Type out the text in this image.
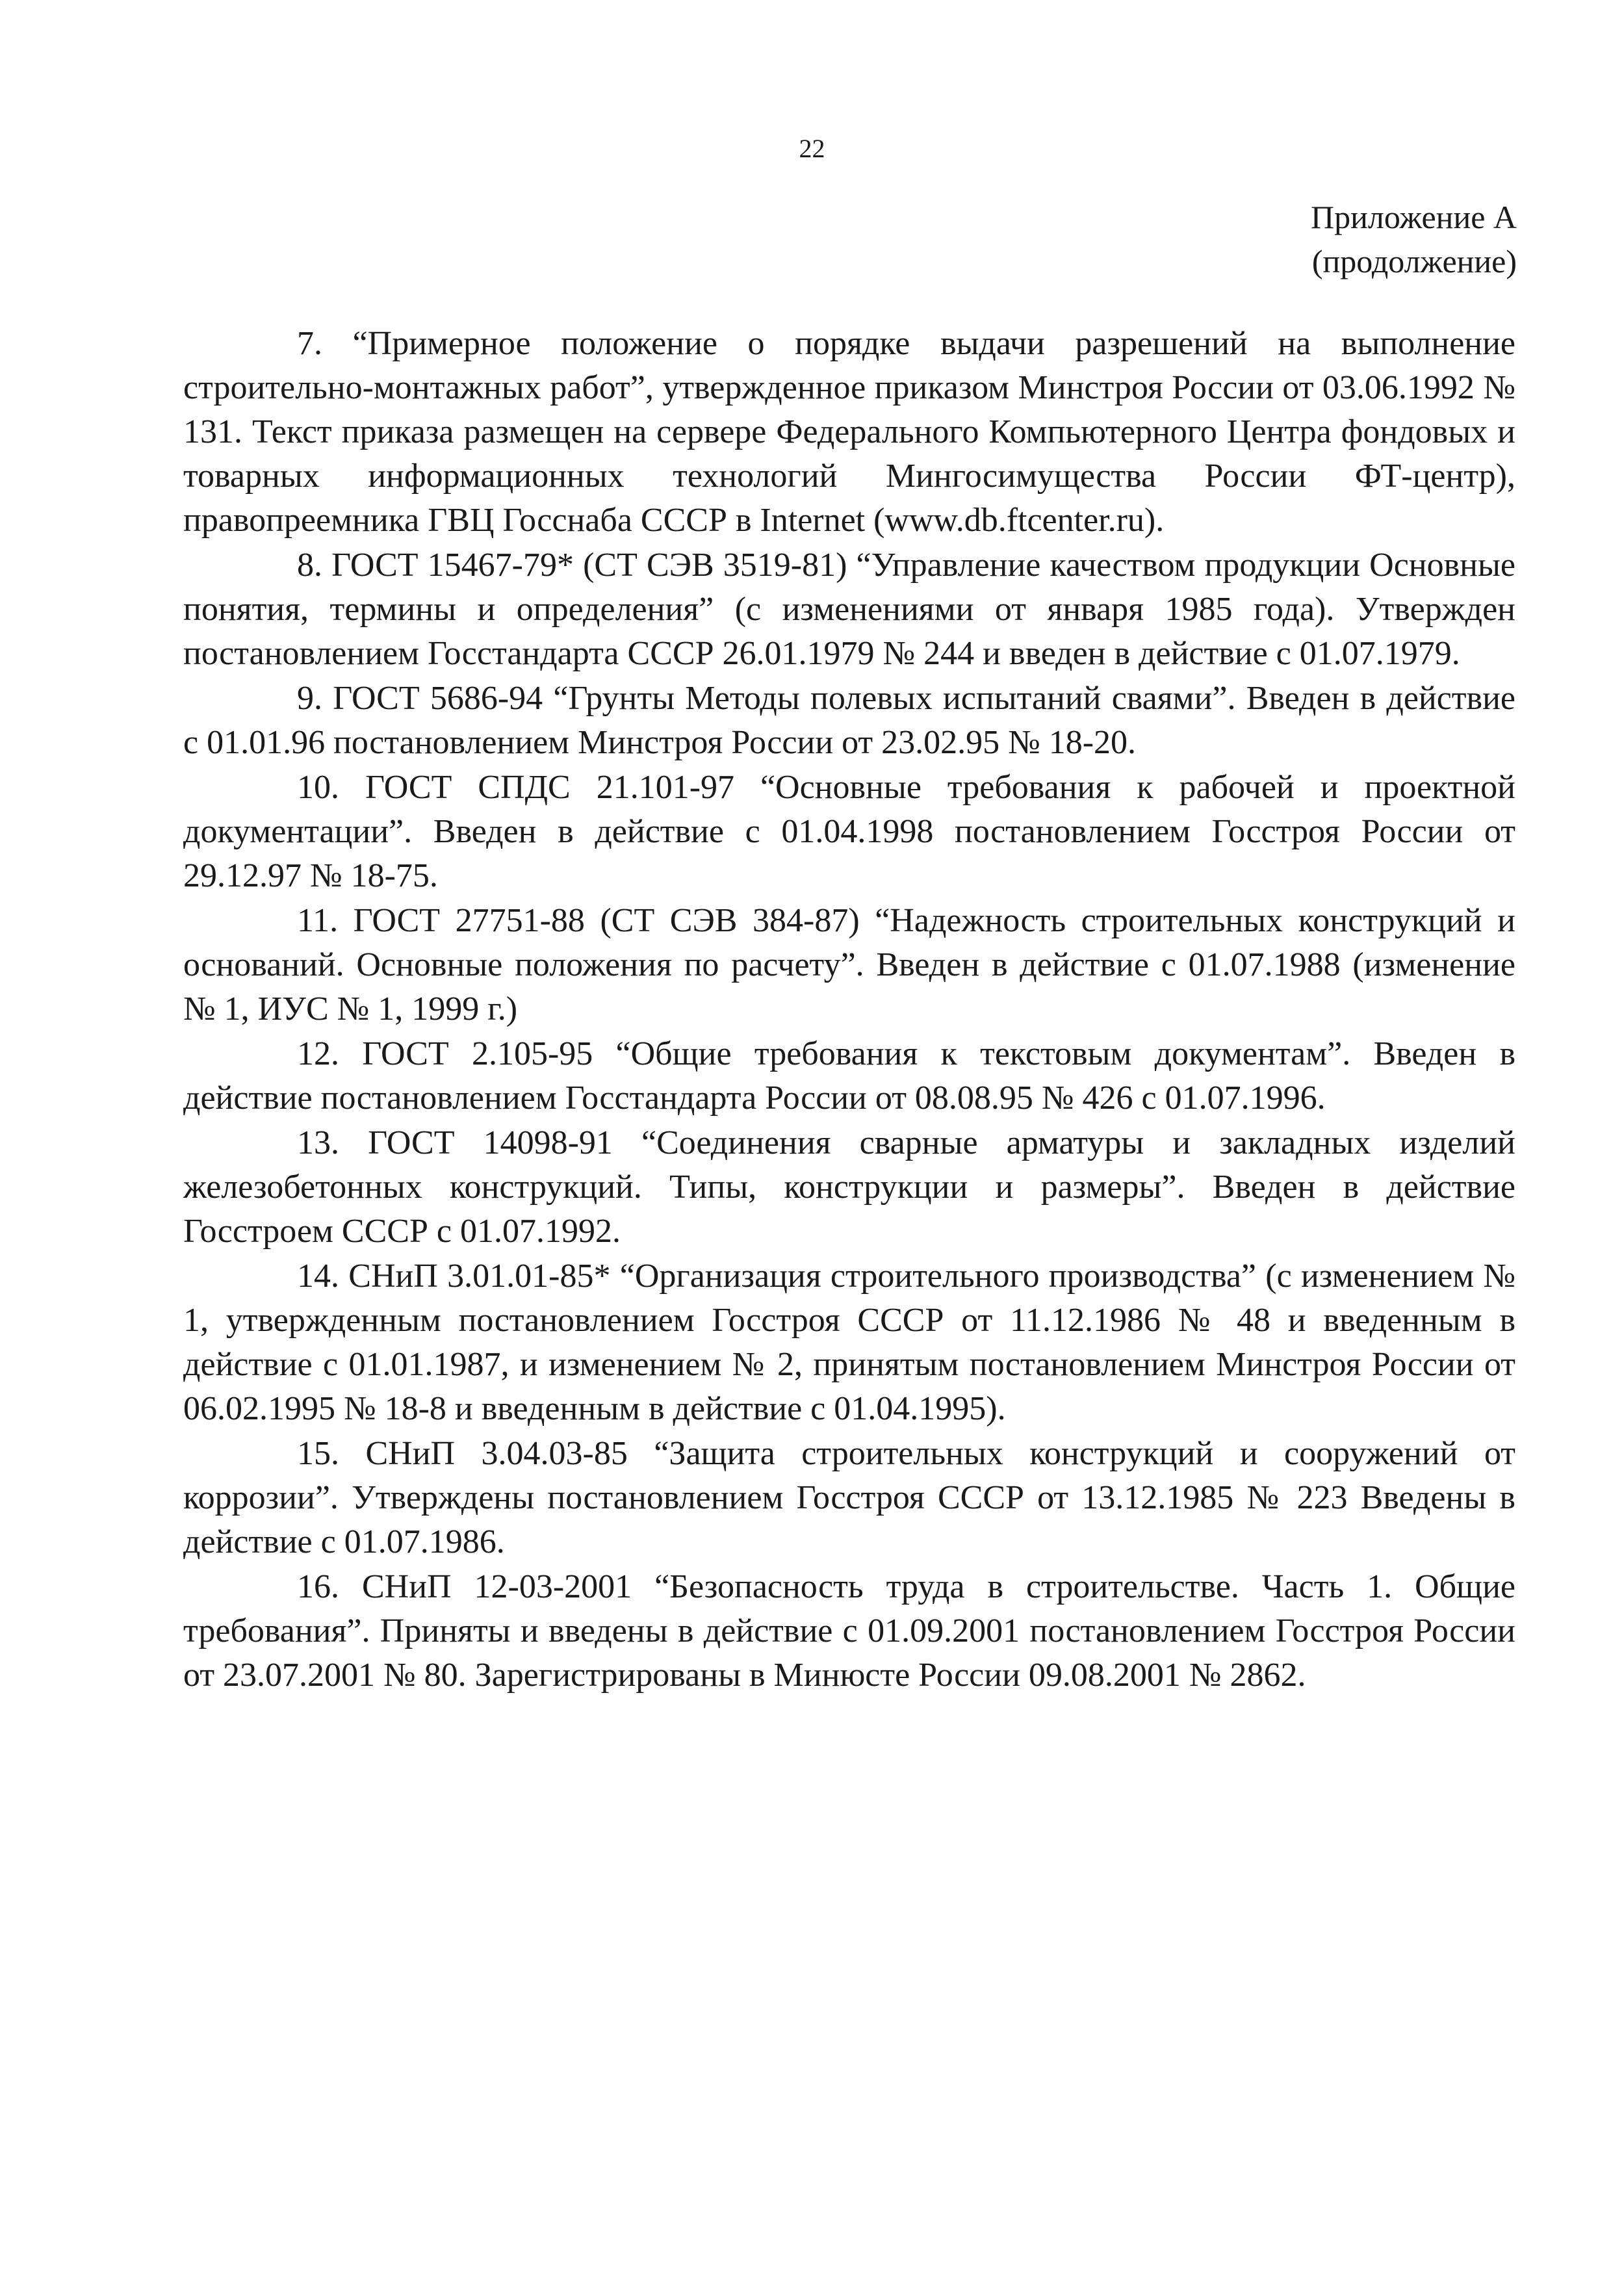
22
Приложение А
(продолжение)

7. “Примерное положение о порядке выдачи разрешений на выполнение строительно-монтажных работ”, утвержденное приказом Минстроя России от 03.06.1992 № 131. Текст приказа размещен на сервере Федерального Компьютерного Центра фондовых и товарных информационных технологий Мингосимущества России ФТ-центр), правопреемника ГВЦ Госснаба СССР в Internet (www.db.ftcenter.ru).

8. ГОСТ 15467-79* (СТ СЭВ 3519-81) “Управление качеством продукции Основные понятия, термины и определения” (с изменениями от января 1985 года). Утвержден постановлением Госстандарта СССР 26.01.1979 № 244 и введен в действие с 01.07.1979.

9. ГОСТ 5686-94 “Грунты Методы полевых испытаний сваями”. Введен в действие с 01.01.96 постановлением Минстроя России от 23.02.95 № 18-20.

10. ГОСТ СПДС 21.101-97 “Основные требования к рабочей и проектной документации”. Введен в действие с 01.04.1998 постановлением Госстроя России от 29.12.97 № 18-75.

11. ГОСТ 27751-88 (СТ СЭВ 384-87) “Надежность строительных конструкций и оснований. Основные положения по расчету”. Введен в действие с 01.07.1988 (изменение № 1, ИУС № 1, 1999 г.)

12. ГОСТ 2.105-95 “Общие требования к текстовым документам”. Введен в действие постановлением Госстандарта России от 08.08.95 № 426 с 01.07.1996.

13. ГОСТ 14098-91 “Соединения сварные арматуры и закладных изделий железобетонных конструкций. Типы, конструкции и размеры”. Введен в действие Госстроем СССР с 01.07.1992.

14. СНиП 3.01.01-85* “Организация строительного производства” (с изменением № 1, утвержденным постановлением Госстроя СССР от 11.12.1986 № 48 и введенным в действие с 01.01.1987, и изменением № 2, принятым постановлением Минстроя России от 06.02.1995 № 18-8 и введенным в действие с 01.04.1995).

15. СНиП 3.04.03-85 “Защита строительных конструкций и сооружений от коррозии”. Утверждены постановлением Госстроя СССР от 13.12.1985 № 223 Введены в действие с 01.07.1986.

16. СНиП 12-03-2001 “Безопасность труда в строительстве. Часть 1. Общие требования”. Приняты и введены в действие с 01.09.2001 постановлением Госстроя России от 23.07.2001 № 80. Зарегистрированы в Минюсте России 09.08.2001 № 2862.
